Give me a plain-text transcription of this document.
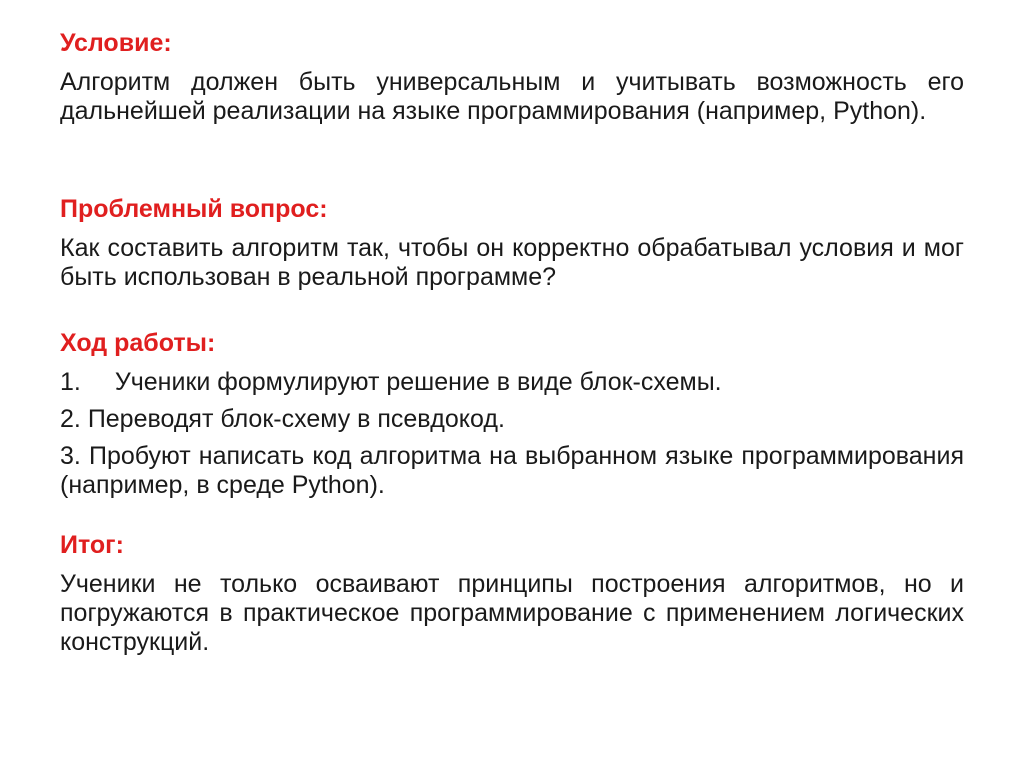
Условие:

Алгоритм должен быть универсальным и учитывать возможность его дальнейшей реализации на языке программирования (например, Python).

Проблемный вопрос:

Как составить алгоритм так, чтобы он корректно обрабатывал условия и мог быть использован в реальной программе?

Ход работы:

1. Ученики формулируют решение в виде блок-схемы.

2. Переводят блок-схему в псевдокод.

3. Пробуют написать код алгоритма на выбранном языке программирования (например, в среде Python).

Итог:

Ученики не только осваивают принципы построения алгоритмов, но и погружаются в практическое программирование с применением логических конструкций.
